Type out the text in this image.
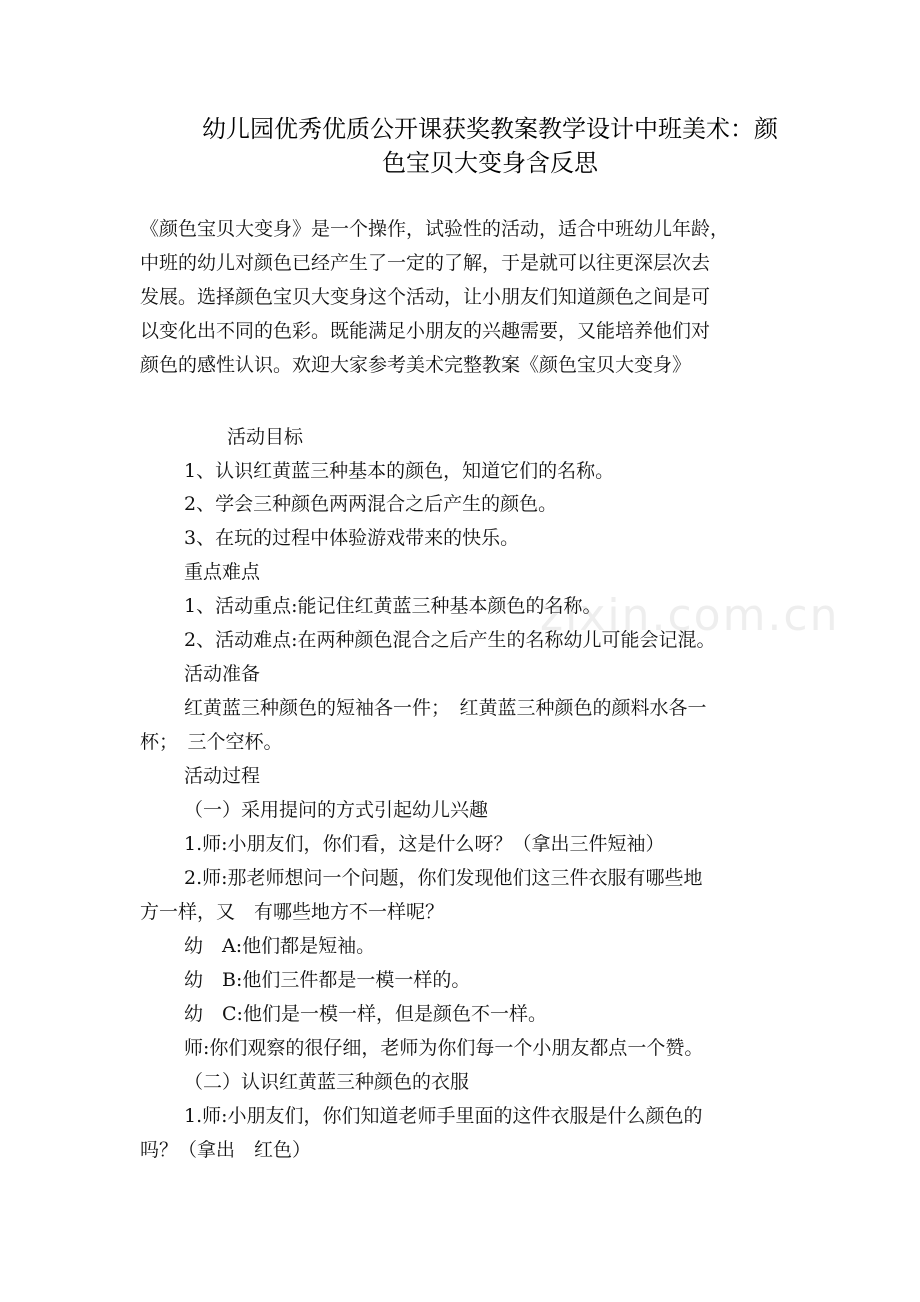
zixin.com.cn
幼儿园优秀优质公开课获奖教案教学设计中班美术：颜
色宝贝大变身含反思
《颜色宝贝大变身》是一个操作，试验性的活动，适合中班幼儿年龄，
中班的幼儿对颜色已经产生了一定的了解，于是就可以往更深层次去
发展。选择颜色宝贝大变身这个活动，让小朋友们知道颜色之间是可
以变化出不同的色彩。既能满足小朋友的兴趣需要，又能培养他们对
颜色的感性认识。欢迎大家参考美术完整教案《颜色宝贝大变身》
活动目标
1、认识红黄蓝三种基本的颜色，知道它们的名称。
2、学会三种颜色两两混合之后产生的颜色。
3、在玩的过程中体验游戏带来的快乐。
重点难点
1、活动重点:能记住红黄蓝三种基本颜色的名称。
2、活动难点:在两种颜色混合之后产生的名称幼儿可能会记混。
活动准备
红黄蓝三种颜色的短袖各一件；　红黄蓝三种颜色的颜料水各一
杯；　三个空杯。
活动过程
（一）采用提问的方式引起幼儿兴趣
1.师:小朋友们，你们看，这是什么呀？（拿出三件短袖）
2.师:那老师想问一个问题，你们发现他们这三件衣服有哪些地
方一样，又　有哪些地方不一样呢？
幼　A:他们都是短袖。
幼　B:他们三件都是一模一样的。
幼　C:他们是一模一样，但是颜色不一样。
师:你们观察的很仔细，老师为你们每一个小朋友都点一个赞。
（二）认识红黄蓝三种颜色的衣服
1.师:小朋友们，你们知道老师手里面的这件衣服是什么颜色的
吗？（拿出　红色）
